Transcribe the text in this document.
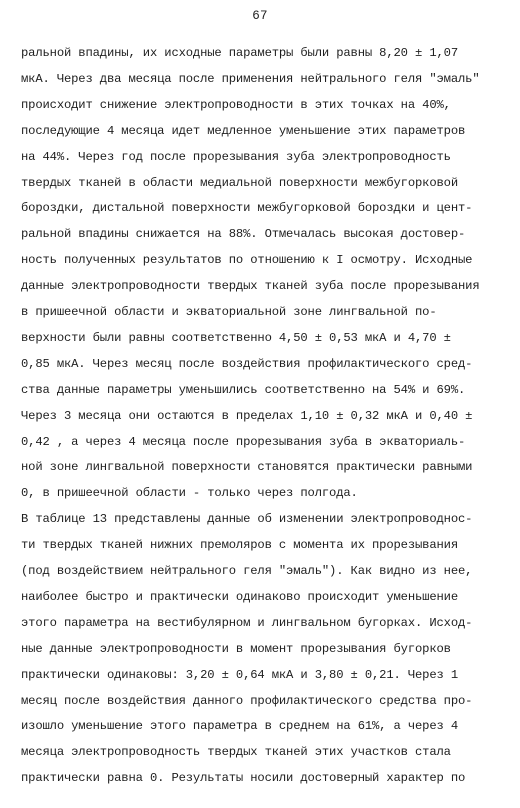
67
ральной впадины, их исходные параметры были равны 8,20 ± 1,07
мкА. Через два месяца после применения нейтрального геля "эмаль"
происходит снижение электропроводности в этих точках на 40%,
последующие 4 месяца идет медленное уменьшение этих параметров
на 44%. Через год после прорезывания зуба электропроводность
твердых тканей в области медиальной поверхности межбугорковой
бороздки, дистальной поверхности межбугорковой бороздки и цент-
ральной впадины снижается на 88%. Отмечалась высокая достовер-
ность полученных результатов по отношению к I осмотру. Исходные
данные электропроводности твердых тканей зуба после прорезывания
в пришеечной области и экваториальной зоне лингвальной по-
верхности были равны соответственно 4,50 ± 0,53 мкА и 4,70 ±
0,85 мкА. Через месяц после воздействия профилактического сред-
ства данные параметры уменьшились соответственно на 54% и 69%.
Через 3 месяца они остаются в пределах 1,10 ± 0,32 мкА и 0,40 ±
0,42 , а через 4 месяца после прорезывания зуба в экваториаль-
ной зоне лингвальной поверхности становятся практически равными
0, в пришеечной области - только через полгода.
В таблице 13 представлены данные об изменении электропроводнос-
ти твердых тканей нижних премоляров с момента их прорезывания
(под воздействием нейтрального геля "эмаль"). Как видно из нее,
наиболее быстро и практически одинаково происходит уменьшение
этого параметра на вестибулярном и лингвальном бугорках. Исход-
ные данные электропроводности в момент прорезывания бугорков
практически одинаковы: 3,20 ± 0,64 мкА и 3,80 ± 0,21. Через 1
месяц после воздействия данного профилактического средства про-
изошло уменьшение этого параметра в среднем на 61%, а через 4
месяца электропроводность твердых тканей этих участков стала
практически равна 0. Результаты носили достоверный характер по
